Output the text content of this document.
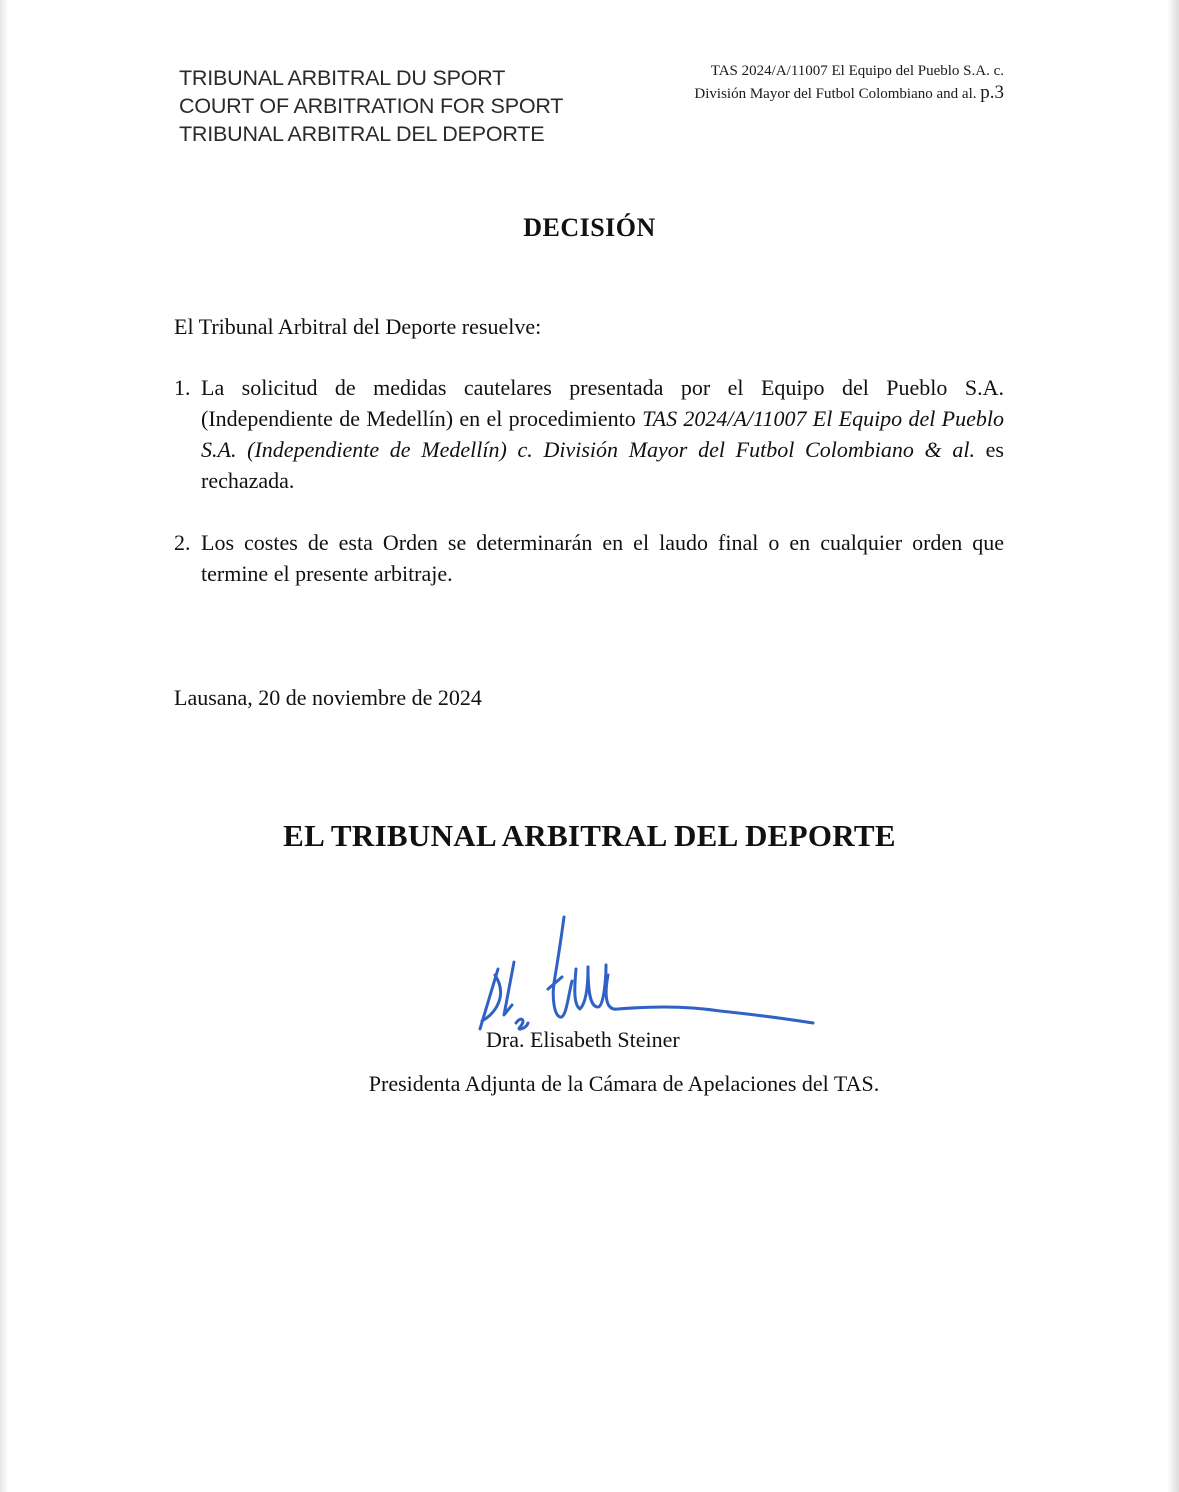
TRIBUNAL ARBITRAL DU SPORT
COURT OF ARBITRATION FOR SPORT
TRIBUNAL ARBITRAL DEL DEPORTE
TAS 2024/A/11007 El Equipo del Pueblo S.A. c.
División Mayor del Futbol Colombiano and al. p.3
DECISIÓN
El Tribunal Arbitral del Deporte resuelve:
1. La solicitud de medidas cautelares presentada por el Equipo del Pueblo S.A. (Independiente de Medellín) en el procedimiento TAS 2024/A/11007 El Equipo del Pueblo S.A. (Independiente de Medellín) c. División Mayor del Futbol Colombiano & al. es rechazada.
2. Los costes de esta Orden se determinarán en el laudo final o en cualquier orden que termine el presente arbitraje.
Lausana, 20 de noviembre de 2024
EL TRIBUNAL ARBITRAL DEL DEPORTE
Dra. Elisabeth Steiner
Presidenta Adjunta de la Cámara de Apelaciones del TAS.
